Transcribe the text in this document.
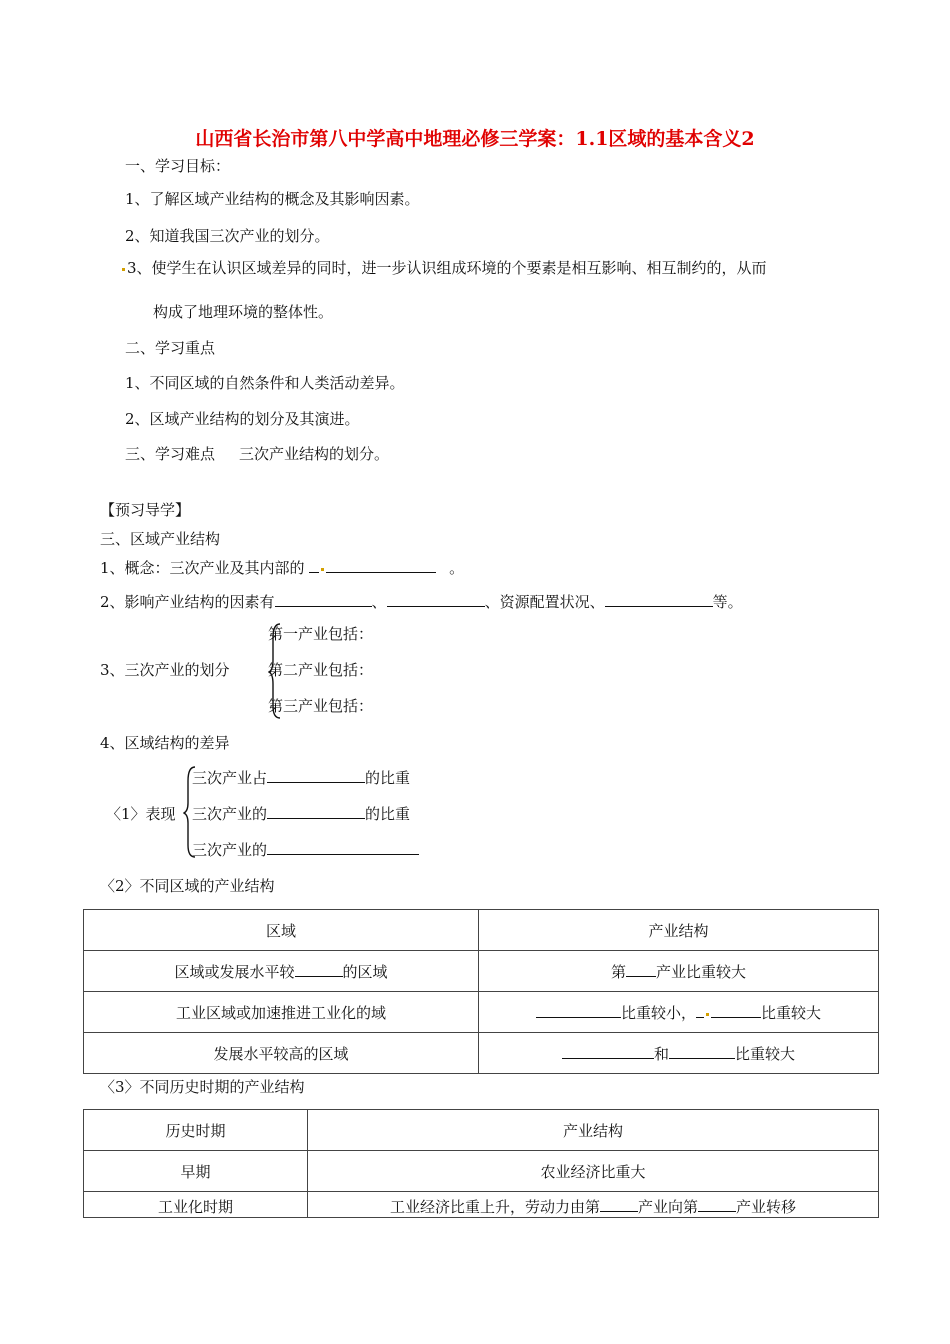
山西省长治市第八中学高中地理必修三学案：1.1区域的基本含义2
一、学习目标：
1、了解区域产业结构的概念及其影响因素。
2、知道我国三次产业的划分。
3、使学生在认识区域差异的同时，进一步认识组成环境的个要素是相互影响、相互制约的，从而
构成了地理环境的整体性。
二、学习重点
1、不同区域的自然条件和人类活动差异。
2、区域产业结构的划分及其演进。
三、学习难点 三次产业结构的划分。
【预习导学】
三、区域产业结构
1、概念：三次产业及其内部的	。
2、影响产业结构的因素有	、	、资源配置状况、	等。
3、三次产业的划分
第一产业包括：
第二产业包括：
第三产业包括：
4、区域结构的差异
〈1〉表现
三次产业占	的比重
三次产业的	的比重
三次产业的
〈2〉不同区域的产业结构
区域	产业结构
区域或发展水平较 的区域	第 产业比重较大
工业区域或加速推进工业化的域	比重较小， 比重较大
发展水平较高的区域	和 比重较大
〈3〉不同历史时期的产业结构
历史时期	产业结构
早期	农业经济比重大
工业化时期	工业经济比重上升，劳动力由第 产业向第 产业转移
